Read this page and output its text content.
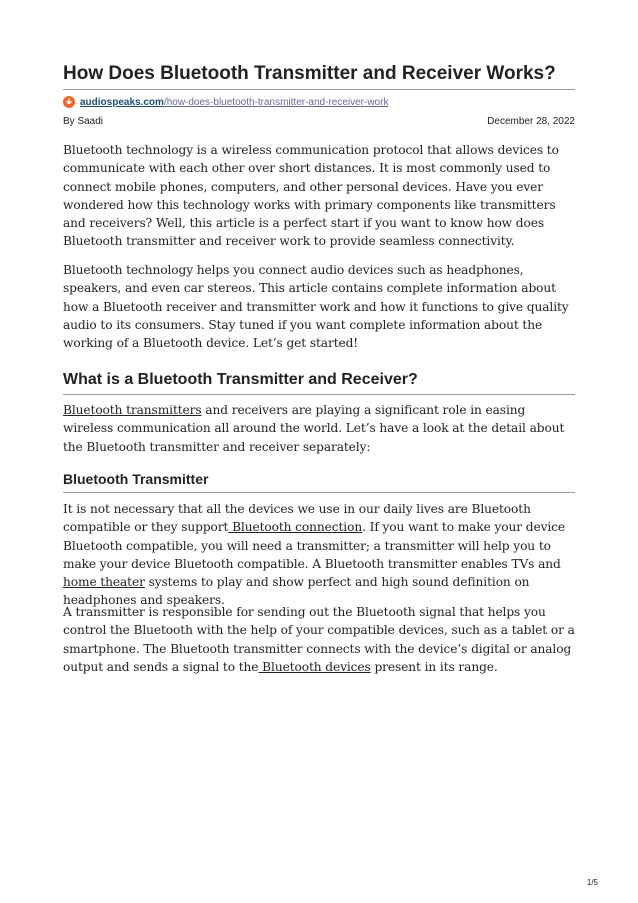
How Does Bluetooth Transmitter and Receiver Works?
audiospeaks.com /how-does-bluetooth-transmitter-and-receiver-work
By Saadi	December 28, 2022

Bluetooth technology is a wireless communication protocol that allows devices to communicate with each other over short distances. It is most commonly used to connect mobile phones, computers, and other personal devices. Have you ever wondered how this technology works with primary components like transmitters and receivers? Well, this article is a perfect start if you want to know how does Bluetooth transmitter and receiver work to provide seamless connectivity.

Bluetooth technology helps you connect audio devices such as headphones, speakers, and even car stereos. This article contains complete information about how a Bluetooth receiver and transmitter work and how it functions to give quality audio to its consumers. Stay tuned if you want complete information about the working of a Bluetooth device. Let’s get started!

What is a Bluetooth Transmitter and Receiver?

Bluetooth transmitters and receivers are playing a significant role in easing wireless communication all around the world. Let’s have a look at the detail about the Bluetooth transmitter and receiver separately:

Bluetooth Transmitter

It is not necessary that all the devices we use in our daily lives are Bluetooth compatible or they support Bluetooth connection. If you want to make your device Bluetooth compatible, you will need a transmitter; a transmitter will help you to make your device Bluetooth compatible. A Bluetooth transmitter enables TVs and home theater systems to play and show perfect and high sound definition on headphones and speakers.

A transmitter is responsible for sending out the Bluetooth signal that helps you control the Bluetooth with the help of your compatible devices, such as a tablet or a smartphone. The Bluetooth transmitter connects with the device’s digital or analog output and sends a signal to the Bluetooth devices present in its range.

1/5
